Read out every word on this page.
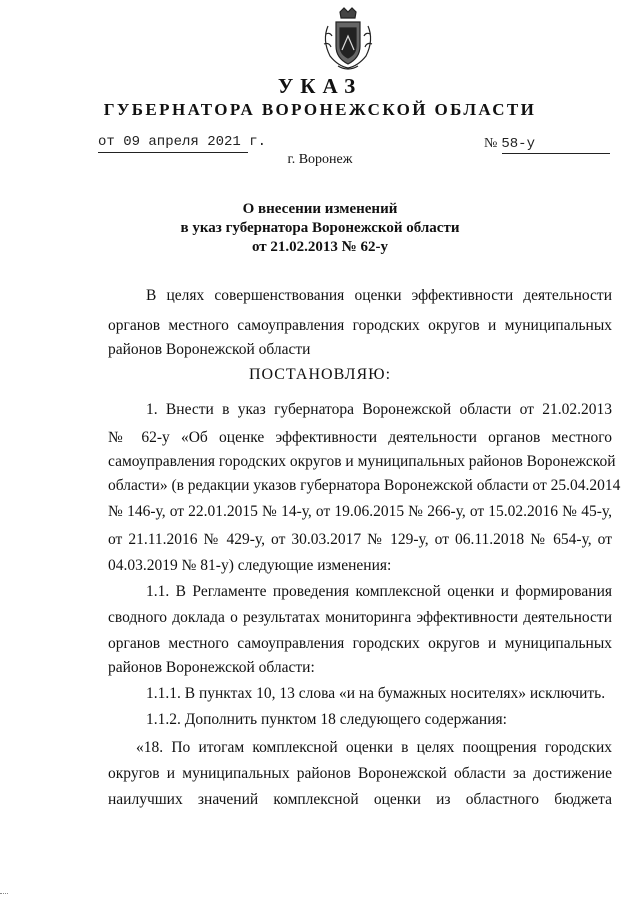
УКАЗ
ГУБЕРНАТОРА ВОРОНЕЖСКОЙ ОБЛАСТИ
от 09 апреля 2021 г.	№ 58-у
г. Воронеж
О внесении изменений
в указ губернатора Воронежской области
от 21.02.2013 № 62-у
В целях совершенствования оценки эффективности деятельности
органов местного самоуправления городских округов и муниципальных
районов Воронежской области
ПОСТАНОВЛЯЮ:
1. Внести в указ губернатора Воронежской области от 21.02.2013
№ 62-у «Об оценке эффективности деятельности органов местного
самоуправления городских округов и муниципальных районов Воронежской
области» (в редакции указов губернатора Воронежской области от 25.04.2014
№ 146-у, от 22.01.2015 № 14-у, от 19.06.2015 № 266-у, от 15.02.2016 № 45-у,
от 21.11.2016 № 429-у, от 30.03.2017 № 129-у, от 06.11.2018 № 654-у, от
04.03.2019 № 81-у) следующие изменения:
1.1. В Регламенте проведения комплексной оценки и формирования
сводного доклада о результатах мониторинга эффективности деятельности
органов местного самоуправления городских округов и муниципальных
районов Воронежской области:
1.1.1. В пунктах 10, 13 слова «и на бумажных носителях» исключить.
1.1.2. Дополнить пунктом 18 следующего содержания:
«18. По итогам комплексной оценки в целях поощрения городских
округов и муниципальных районов Воронежской области за достижение
наилучших значений комплексной оценки из областного бюджета
